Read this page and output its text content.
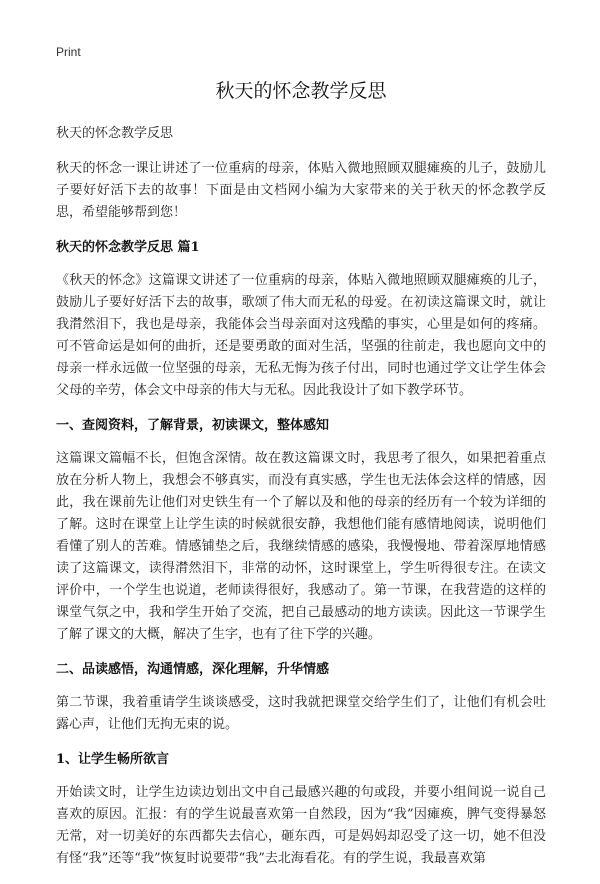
Print
秋天的怀念教学反思
秋天的怀念教学反思

秋天的怀念一课让讲述了一位重病的母亲，体贴入微地照顾双腿瘫痪的儿子，鼓励儿子要好好活下去的故事！下面是由文档网小编为大家带来的关于秋天的怀念教学反思，希望能够帮到您！

秋天的怀念教学反思 篇1

《秋天的怀念》这篇课文讲述了一位重病的母亲，体贴入微地照顾双腿瘫痪的儿子，鼓励儿子要好好活下去的故事，歌颂了伟大而无私的母爱。在初读这篇课文时，就让我潸然泪下，我也是母亲，我能体会当母亲面对这残酷的事实，心里是如何的疼痛。可不管命运是如何的曲折，还是要勇敢的面对生活，坚强的往前走，我也愿向文中的母亲一样永远做一位坚强的母亲，无私无悔为孩子付出，同时也通过学文让学生体会父母的辛劳，体会文中母亲的伟大与无私。因此我设计了如下教学环节。

一、查阅资料，了解背景，初读课文，整体感知

这篇课文篇幅不长，但饱含深情。故在教这篇课文时，我思考了很久，如果把着重点放在分析人物上，我想会不够真实，而没有真实感，学生也无法体会这样的情感，因此，我在课前先让他们对史铁生有一个了解以及和他的母亲的经历有一个较为详细的了解。这时在课堂上让学生读的时候就很安静，我想他们能有感情地阅读，说明他们看懂了别人的苦难。情感铺垫之后，我继续情感的感染，我慢慢地、带着深厚地情感读了这篇课文，读得潸然泪下，非常的动怀，这时课堂上，学生听得很专注。在读文评价中，一个学生也说道，老师读得很好，我感动了。第一节课，在我营造的这样的课堂气氛之中，我和学生开始了交流，把自己最感动的地方读读。因此这一节课学生了解了课文的大概，解决了生字，也有了往下学的兴趣。

二、品读感悟，沟通情感，深化理解，升华情感

第二节课，我着重请学生谈谈感受，这时我就把课堂交给学生们了，让他们有机会吐露心声，让他们无拘无束的说。

1、让学生畅所欲言

开始读文时，让学生边读边划出文中自己最感兴趣的句或段，并要小组间说一说自己喜欢的原因。汇报：有的学生说最喜欢第一自然段，因为“我”因瘫痪，脾气变得暴怒无常，对一切美好的东西都失去信心，砸东西，可是妈妈却忍受了这一切，她不但没有怪“我”还等“我”恢复时说要带“我”去北海看花。有的学生说，我最喜欢第
